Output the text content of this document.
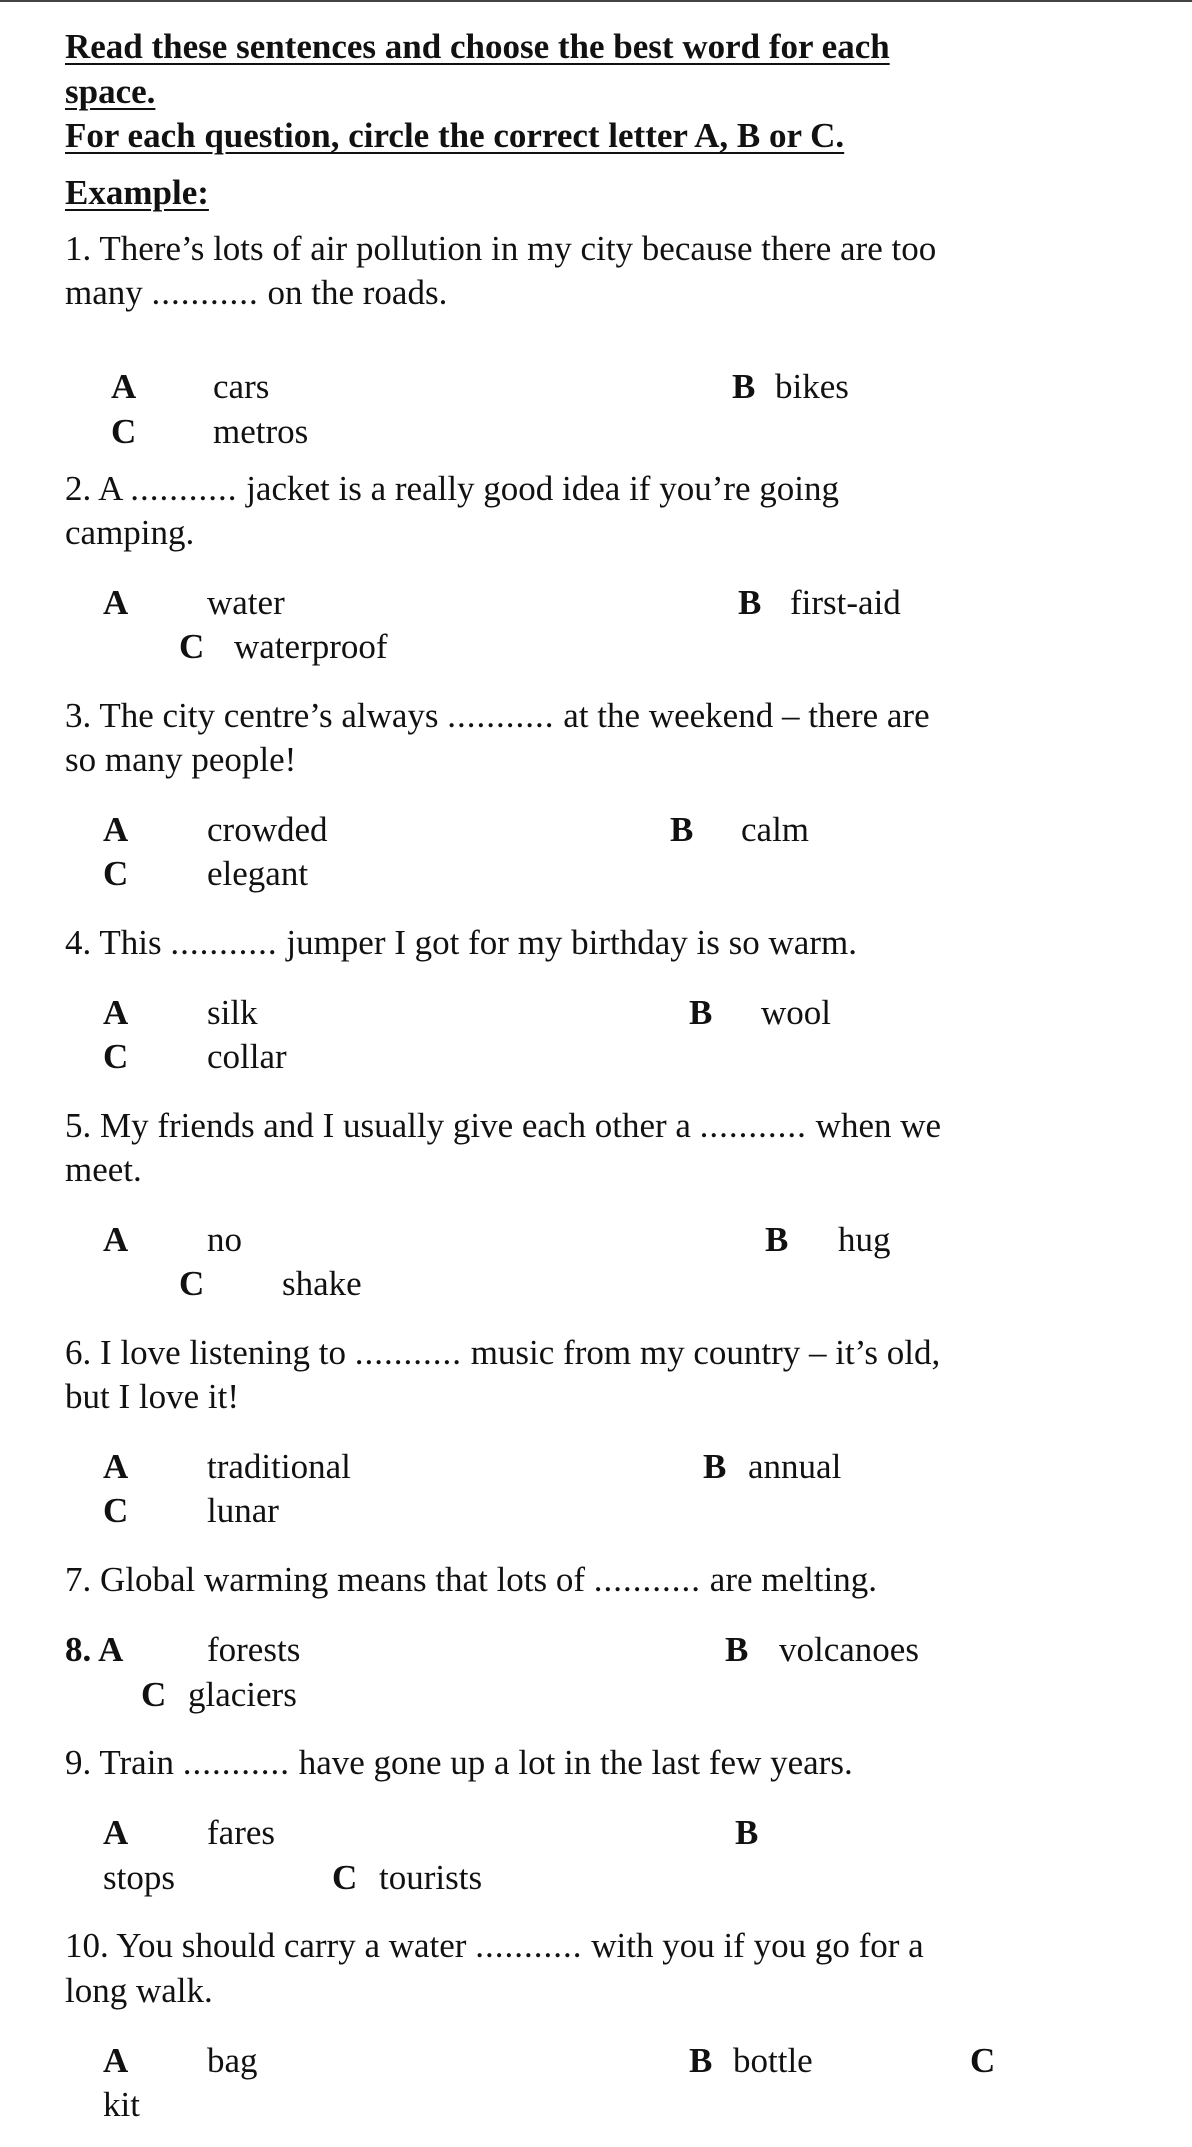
Read these sentences and choose the best word for each
space.
For each question, circle the correct letter A, B or C.
Example:
1. There’s lots of air pollution in my city because there are too
many ........... on the roads.
A cars	B bikes
C metros
2. A ........... jacket is a really good idea if you’re going
camping.
A water	B first-aid
C waterproof
3. The city centre’s always ........... at the weekend – there are
so many people!
A crowded	B calm
C elegant
4. This ........... jumper I got for my birthday is so warm.
A silk	B wool
C collar
5. My friends and I usually give each other a ........... when we
meet.
A no	B hug
C shake
6. I love listening to ........... music from my country – it’s old,
but I love it!
A traditional	B annual
C lunar
7. Global warming means that lots of ........... are melting.
8. A forests	B volcanoes
C glaciers
9. Train ........... have gone up a lot in the last few years.
A fares	B
stops	C tourists
10. You should carry a water ........... with you if you go for a
long walk.
A bag	B bottle	C
kit
